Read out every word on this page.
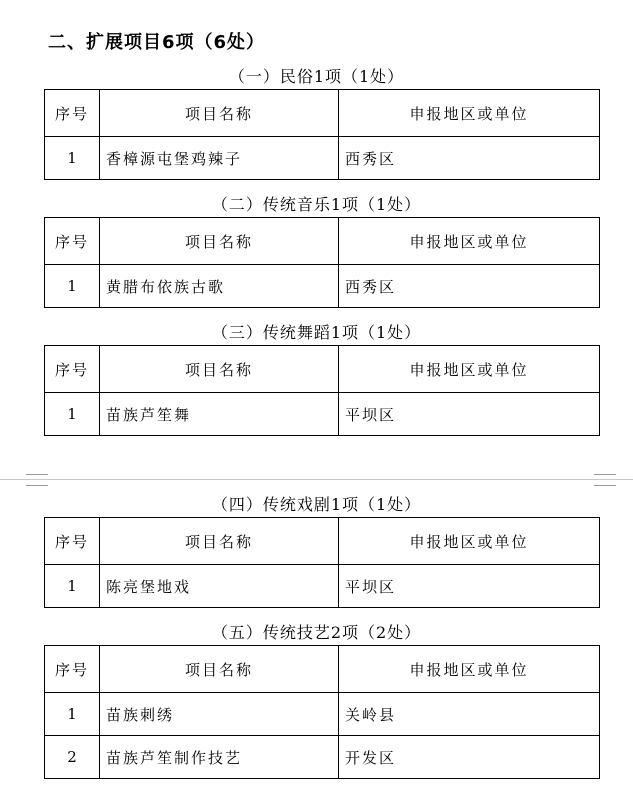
二、扩展项目6项（6处）
（一）民俗1项（1处）
序号	项目名称	申报地区或单位
1	香樟源屯堡鸡辣子	西秀区
（二）传统音乐1项（1处）
序号	项目名称	申报地区或单位
1	黄腊布依族古歌	西秀区
（三）传统舞蹈1项（1处）
序号	项目名称	申报地区或单位
1	苗族芦笙舞	平坝区
（四）传统戏剧1项（1处）
序号	项目名称	申报地区或单位
1	陈亮堡地戏	平坝区
（五）传统技艺2项（2处）
序号	项目名称	申报地区或单位
1	苗族刺绣	关岭县
2	苗族芦笙制作技艺	开发区
